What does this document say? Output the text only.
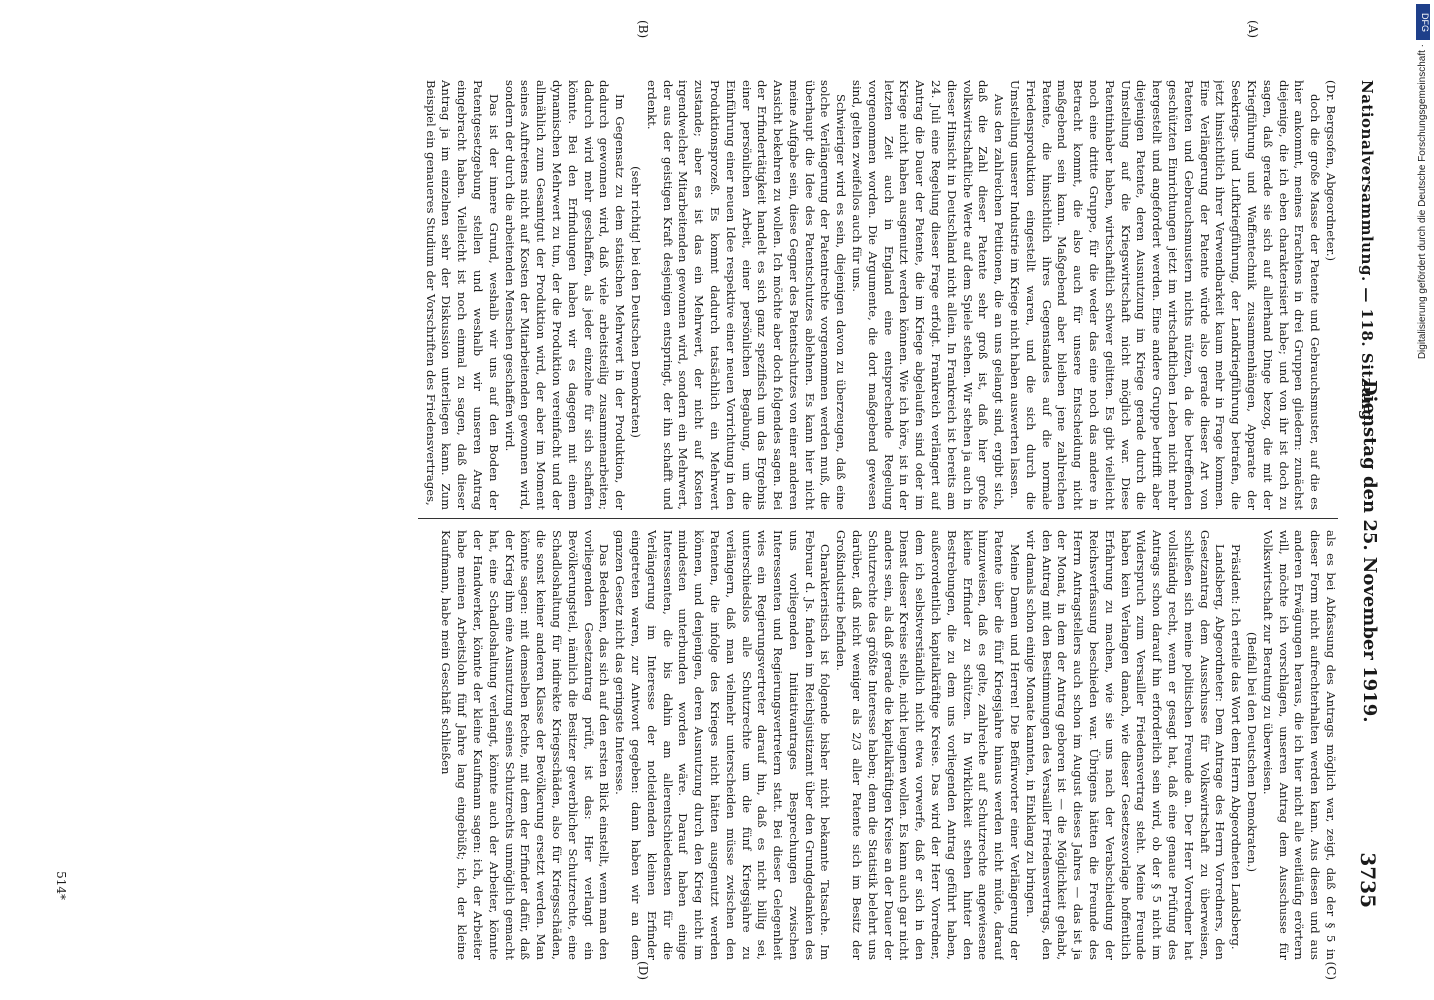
Nationalversammlung. — 118. Sitzung.
Dienstag den 25. November 1919.
3735
(A)
(B)
(C)
(D)

(Dr. Bergsofen, Abgeordneter.)

doch die große Masse der Patente und Gebrauchsmuster, auf die es hier ankommt, meines Erachtens in drei Gruppen gliedern: zunächst diejenige, die ich eben charakterisiert habe; und von ihr ist doch zu sagen, daß gerade sie sich auf allerhand Dinge bezog, die mit der Kriegführung und Waffentechnik zusammenhängen, Apparate der Seekriegs- und Luftkriegführung, der Landkriegführung betrafen, die jetzt hinsichtlich ihrer Verwendbarkeit kaum mehr in Frage kommen. Eine Verlängerung der Patente würde also gerade dieser Art von Patenten und Gebrauchsmustern nichts nützen, da die betreffenden geschützten Einrichtungen jetzt im wirtschaftlichen Leben nicht mehr hergestellt und angefordert werden. Eine andere Gruppe betrifft aber diejenigen Patente, deren Ausnutzung im Kriege gerade durch die Umstellung auf die Kriegswirtschaft nicht möglich war. Diese Patentinhaber haben, wirtschaftlich schwer gelitten. Es gibt vielleicht noch eine dritte Gruppe, für die weder das eine noch das andere in Betracht kommt, die also auch für unsere Entscheidung nicht maßgebend sein kann. Maßgebend aber bleiben jene zahlreichen Patente, die hinsichtlich ihres Gegenstandes auf die normale Friedensproduktion eingestellt waren, und die sich durch die Umstellung unserer Industrie im Kriege nicht haben auswerten lassen.

Aus den zahlreichen Petitionen, die an uns gelangt sind, ergibt sich, daß die Zahl dieser Patente sehr groß ist, daß hier große volkswirtschaftliche Werte auf dem Spiele stehen. Wir stehen ja auch in dieser Hinsicht in Deutschland nicht allein. In Frankreich ist bereits am 24. Juli eine Regelung dieser Frage erfolgt. Frankreich verlängert auf Antrag die Dauer der Patente, die im Kriege abgelaufen sind oder im Kriege nicht haben ausgenutzt werden können. Wie ich höre, ist in der letzten Zeit auch in England eine entsprechende Regelung vorgenommen worden. Die Argumente, die dort maßgebend gewesen sind, gelten zweifellos auch für uns.

Schwieriger wird es sein, diejenigen davon zu überzeugen, daß eine solche Verlängerung der Patentrechte vorgenommen werden muß, die überhaupt die Idee des Patentschutzes ablehnen. Es kann hier nicht meine Aufgabe sein, diese Gegner des Patentschutzes von einer anderen Ansicht bekehren zu wollen. Ich möchte aber doch folgendes sagen. Bei der Erfindertätigkeit handelt es sich ganz spezifisch um das Ergebnis einer persönlichen Arbeit, einer persönlichen Begabung, um die Einführung einer neuen Idee respektive einer neuen Vorrichtung in den Produktionsprozeß. Es kommt dadurch tatsächlich ein Mehrwert zustande; aber es ist das ein Mehrwert, der nicht auf Kosten irgendwelcher Mitarbeitenden gewonnen wird, sondern ein Mehrwert, der aus der geistigen Kraft desjenigen entspringt, der ihn schafft und erdenkt.

(sehr richtig! bei den Deutschen Demokraten)

Im Gegensatz zu dem statischen Mehrwert in der Produktion, der dadurch gewonnen wird, daß viele arbeitsteilig zusammenarbeiten; dadurch wird mehr geschaffen, als jeder einzelne für sich schaffen könnte. Bei den Erfindungen haben wir es dagegen mit einem dynamischen Mehrwert zu tun, der die Produktion vereinfacht und der allmählich zum Gesamtgut der Produktion wird, der aber im Moment seines Auftretens nicht auf Kosten der Mitarbeitenden gewonnen wird, sondern der durch die arbeitenden Menschen geschaffen wird.

Das ist der innere Grund, weshalb wir uns auf den Boden der Patentgesetzgebung stellen und weshalb wir unseren Antrag eingebracht haben. Vielleicht ist noch einmal zu sagen, daß dieser Antrag ja im einzelnen sehr der Diskussion unterliegen kann. Zum Beispiel ein genaueres Studium der Vorschriften des Friedensvertrages,

als es bei Abfassung des Antrags möglich war, zeigt, daß der § 5 in dieser Form nicht aufrechterhalten werden kann. Aus diesen und aus anderen Erwägungen heraus, die ich hier nicht alle weitläufig erörtern will, möchte ich vorschlagen, unseren Antrag dem Ausschusse für Volkswirtschaft zur Beratung zu überweisen.

(Beifall bei den Deutschen Demokraten.)

Präsident: Ich erteile das Wort dem Herrn Abgeordneten Landsberg.

Landsberg, Abgeordneter: Dem Antrage des Herrn Vorredners, den Gesetzantrag dem Ausschusse für Volkswirtschaft zu überweisen, schließen sich meine politischen Freunde an. Der Herr Vorredner hat vollständig recht, wenn er gesagt hat, daß eine genaue Prüfung des Antrags schon darauf hin erforderlich sein wird, ob der § 5 nicht im Widerspruch zum Versailler Friedensvertrag steht. Meine Freunde haben kein Verlangen danach, wie dieser Gesetzesvorlage hoffentlich Erfahrung zu machen, wie sie uns nach der Verabschiedung der Reichsverfassung beschieden war. Übrigens hätten die Freunde des Herrn Antragstellers auch schon im August dieses Jahres — das ist ja der Monat, in dem der Antrag geboren ist — die Möglichkeit gehabt, den Antrag mit den Bestimmungen des Versailler Friedensvertrags, den wir damals schon einige Monate kannten, in Einklang zu bringen.

Meine Damen und Herren! Die Befürworter einer Verlängerung der Patente über die fünf Kriegsjahre hinaus werden nicht müde, darauf hinzuweisen, daß es gelte, zahlreiche auf Schutzrechte angewiesene kleine Erfinder zu schützen. In Wirklichkeit stehen hinter den Bestrebungen, die zu dem uns vorliegenden Antrag geführt haben, außerordentlich kapitalkräftige Kreise. Das wird der Herr Vorredner, dem ich selbstverständlich nicht etwa vorwerfe, daß er sich in den Dienst dieser Kreise stelle, nicht leugnen wollen. Es kann auch gar nicht anders sein, als daß gerade die kapitalkräftigen Kreise an der Dauer der Schutzrechte das größte Interesse haben; denn die Statistik belehrt uns darüber, daß nicht weniger als 2/3 aller Patente sich im Besitz der Großindustrie befinden.

Charakteristisch ist folgende bisher nicht bekannte Tatsache. Im Februar d. Js. fanden im Reichsjustizamt über den Grundgedanken des uns vorliegenden Initiativantrages Besprechungen zwischen Interessenten und Regierungsvertretern statt. Bei dieser Gelegenheit wies ein Regierungsvertreter darauf hin, daß es nicht billig sei, unterschiedslos alle Schutzrechte um die fünf Kriegsjahre zu verlängern, daß man vielmehr unterscheiden müsse zwischen den Patenten, die infolge des Krieges nicht hätten ausgenutzt werden können, und denjenigen, deren Ausnutzung durch den Krieg nicht im mindesten unterbunden worden wäre. Darauf haben einige Interessenten, die bis dahin am allerentschiedensten für die Verlängerung im Interesse der notleidenden kleinen Erfinder eingetreten waren, zur Antwort gegeben: dann haben wir an dem ganzen Gesetz nicht das geringste Interesse.

Das Bedenken, das sich auf den ersten Blick einstellt, wenn man den vorliegenden Gesetzantrag prüft, ist das: Hier verlangt ein Bevölkerungsteil, nämlich die Besitzer gewerblicher Schutzrechte, eine Schadloshaltung für indirekte Kriegsschäden, also für Kriegsschäden, die sonst keiner anderen Klasse der Bevölkerung ersetzt werden. Man könnte sagen: mit demselben Rechte, mit dem der Erfinder dafür, daß der Krieg ihm eine Ausnutzung seines Schutzrechts unmöglich gemacht hat, eine Schadloshaltung verlangt, könnte auch der Arbeiter, könnte der Handwerker, könnte der kleine Kaufmann sagen: ich, der Arbeiter habe meinen Arbeitslohn fünf Jahre lang eingebüßt; ich, der kleine Kaufmann, habe mein Geschäft schließen

514*
DFG
Digitalisierung gefördert durch die Deutsche Forschungsgemeinschaft ·
